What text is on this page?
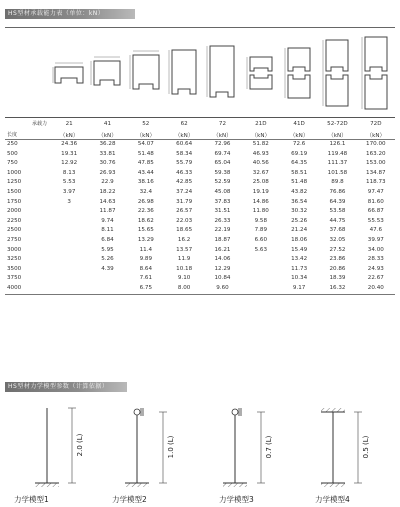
HS型材承载能力表（单位：kN）

承载力	21	41	52	62	72	21D	41D	52-72D	72D
长度	（kN）	（kN）	（kN）	（kN）	（kN）	（kN）	（kN）	（kN）	（kN）
250	24.36	36.28	54.07	60.64	72.96	51.82	72.6	126.1	170.00
500	19.31	33.81	51.48	58.34	69.74	46.93	69.19	119.48	163.20
750	12.92	30.76	47.85	55.79	65.04	40.56	64.35	111.37	153.00
1000	8.13	26.93	43.44	46.33	59.38	32.67	58.51	101.58	134.87
1250	5.53	22.9	38.16	42.85	52.59	25.08	51.48	89.8	118.73
1500	3.97	18.22	32.4	37.24	45.08	19.19	43.82	76.86	97.47
1750	3	14.63	26.98	31.79	37.83	14.86	36.54	64.39	81.60
2000		11.87	22.36	26.57	31.51	11.80	30.32	53.58	66.87
2250		9.74	18.62	22.03	26.33	9.58	25.26	44.75	55.53
2500		8.11	15.65	18.65	22.19	7.89	21.24	37.68	47.6
2750		6.84	13.29	16.2	18.87	6.60	18.06	32.05	39.97
3000		5.95	11.4	13.57	16.21	5.63	15.49	27.52	34.00
3250		5.26	9.89	11.9	14.06		13.42	23.86	28.33
3500		4.39	8.64	10.18	12.29		11.73	20.86	24.93
3750			7.61	9.10	10.84		10.34	18.39	22.67
4000			6.75	8.00	9.60		9.17	16.32	20.40
HS型材力学模型参数（计算依据）
2.0 (L)	1.0 (L)	0.7 (L)	0.5 (L)
力学模型1	力学模型2	力学模型3	力学模型4
